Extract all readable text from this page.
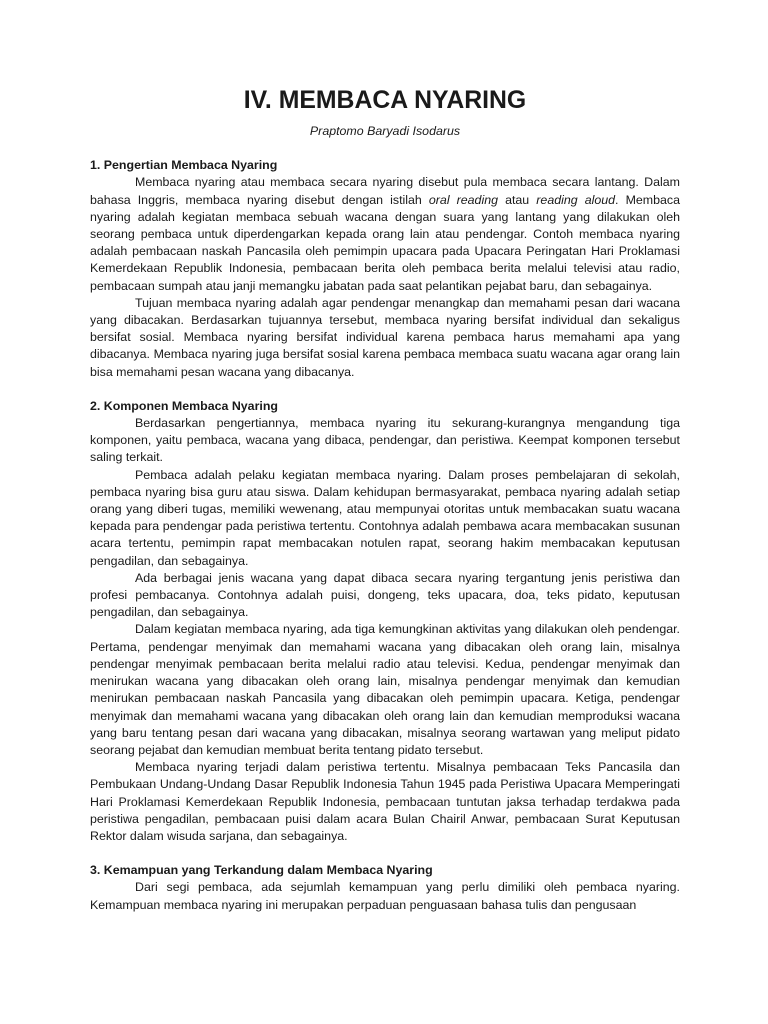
IV. MEMBACA NYARING
Praptomo Baryadi Isodarus
1. Pengertian Membaca Nyaring

Membaca nyaring atau membaca secara nyaring disebut pula membaca secara lantang. Dalam bahasa Inggris, membaca nyaring disebut dengan istilah oral reading atau reading aloud. Membaca nyaring adalah kegiatan membaca sebuah wacana dengan suara yang lantang yang dilakukan oleh seorang pembaca untuk diperdengarkan kepada orang lain atau pendengar. Contoh membaca nyaring adalah pembacaan naskah Pancasila oleh pemimpin upacara pada Upacara Peringatan Hari Proklamasi Kemerdekaan Republik Indonesia, pembacaan berita oleh pembaca berita melalui televisi atau radio, pembacaan sumpah atau janji memangku jabatan pada saat pelantikan pejabat baru, dan sebagainya.

Tujuan membaca nyaring adalah agar pendengar menangkap dan memahami pesan dari wacana yang dibacakan. Berdasarkan tujuannya tersebut, membaca nyaring bersifat individual dan sekaligus bersifat sosial. Membaca nyaring bersifat individual karena pembaca harus memahami apa yang dibacanya. Membaca nyaring juga bersifat sosial karena pembaca membaca suatu wacana agar orang lain bisa memahami pesan wacana yang dibacanya.

2. Komponen Membaca Nyaring

Berdasarkan pengertiannya, membaca nyaring itu sekurang-kurangnya mengandung tiga komponen, yaitu pembaca, wacana yang dibaca, pendengar, dan peristiwa. Keempat komponen tersebut saling terkait.

Pembaca adalah pelaku kegiatan membaca nyaring. Dalam proses pembelajaran di sekolah, pembaca nyaring bisa guru atau siswa. Dalam kehidupan bermasyarakat, pembaca nyaring adalah setiap orang yang diberi tugas, memiliki wewenang, atau mempunyai otoritas untuk membacakan suatu wacana kepada para pendengar pada peristiwa tertentu. Contohnya adalah pembawa acara membacakan susunan acara tertentu, pemimpin rapat membacakan notulen rapat, seorang hakim membacakan keputusan pengadilan, dan sebagainya.

Ada berbagai jenis wacana yang dapat dibaca secara nyaring tergantung jenis peristiwa dan profesi pembacanya. Contohnya adalah puisi, dongeng, teks upacara, doa, teks pidato, keputusan pengadilan, dan sebagainya.

Dalam kegiatan membaca nyaring, ada tiga kemungkinan aktivitas yang dilakukan oleh pendengar. Pertama, pendengar menyimak dan memahami wacana yang dibacakan oleh orang lain, misalnya pendengar menyimak pembacaan berita melalui radio atau televisi. Kedua, pendengar menyimak dan menirukan wacana yang dibacakan oleh orang lain, misalnya pendengar menyimak dan kemudian menirukan pembacaan naskah Pancasila yang dibacakan oleh pemimpin upacara. Ketiga, pendengar menyimak dan memahami wacana yang dibacakan oleh orang lain dan kemudian memproduksi wacana yang baru tentang pesan dari wacana yang dibacakan, misalnya seorang wartawan yang meliput pidato seorang pejabat dan kemudian membuat berita tentang pidato tersebut.

Membaca nyaring terjadi dalam peristiwa tertentu. Misalnya pembacaan Teks Pancasila dan Pembukaan Undang-Undang Dasar Republik Indonesia Tahun 1945 pada Peristiwa Upacara Memperingati Hari Proklamasi Kemerdekaan Republik Indonesia, pembacaan tuntutan jaksa terhadap terdakwa pada peristiwa pengadilan, pembacaan puisi dalam acara Bulan Chairil Anwar, pembacaan Surat Keputusan Rektor dalam wisuda sarjana, dan sebagainya.

3. Kemampuan yang Terkandung dalam Membaca Nyaring

Dari segi pembaca, ada sejumlah kemampuan yang perlu dimiliki oleh pembaca nyaring. Kemampuan membaca nyaring ini merupakan perpaduan penguasaan bahasa tulis dan pengusaan
